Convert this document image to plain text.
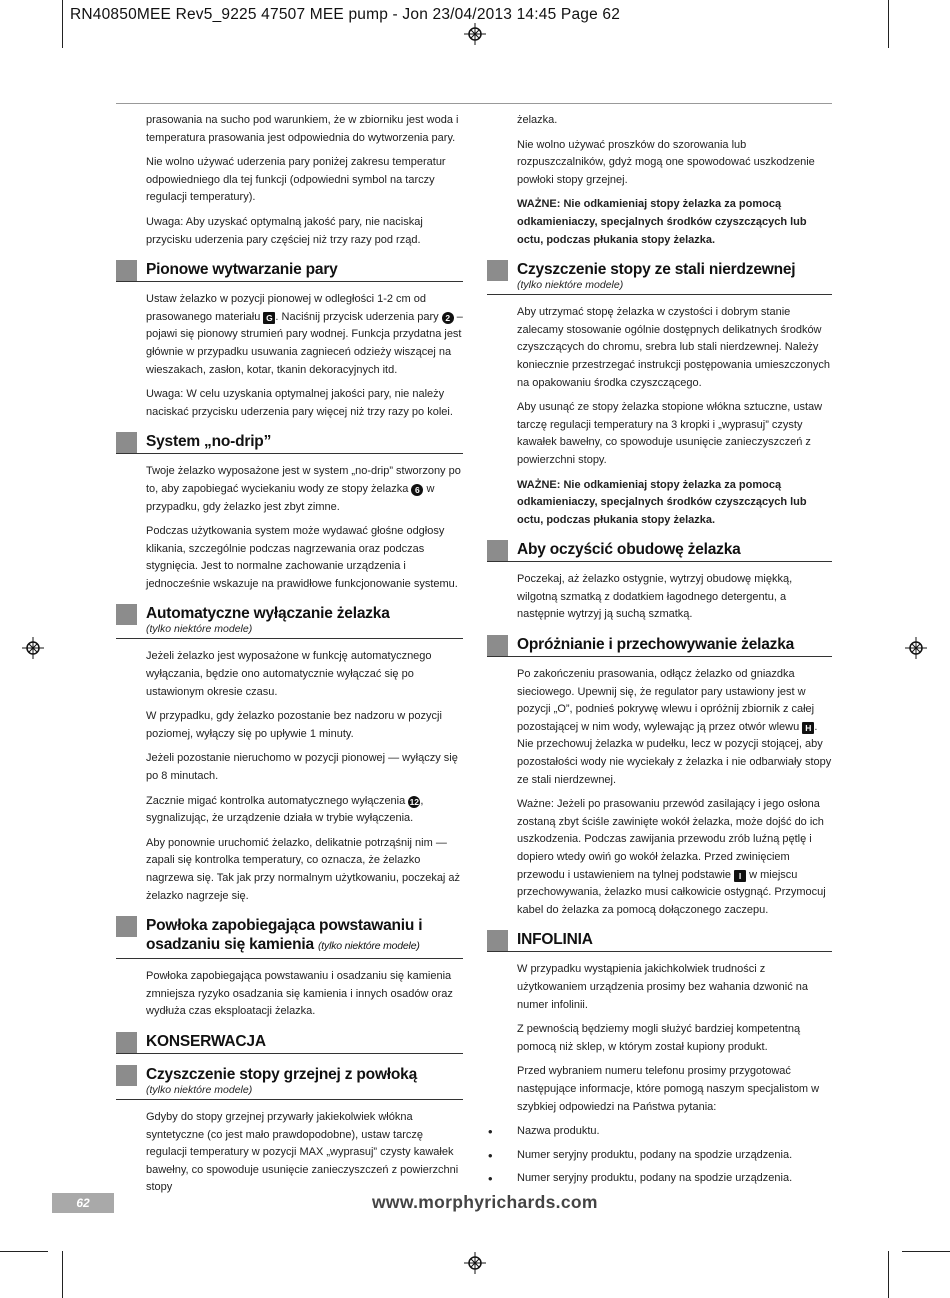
RN40850MEE Rev5_9225 47507 MEE pump - Jon 23/04/2013 14:45 Page 62

prasowania na sucho pod warunkiem, że w zbiorniku jest woda i temperatura prasowania jest odpowiednia do wytworzenia pary.

Nie wolno używać uderzenia pary poniżej zakresu temperatur odpowiedniego dla tej funkcji (odpowiedni symbol na tarczy regulacji temperatury).

Uwaga: Aby uzyskać optymalną jakość pary, nie naciskaj przycisku uderzenia pary częściej niż trzy razy pod rząd.

Pionowe wytwarzanie pary

Ustaw żelazko w pozycji pionowej w odległości 1-2 cm od prasowanego materiału G . Naciśnij przycisk uderzenia pary 2 – pojawi się pionowy strumień pary wodnej. Funkcja przydatna jest głównie w przypadku usuwania zagnieceń odzieży wiszącej na wieszakach, zasłon, kotar, tkanin dekoracyjnych itd.

Uwaga: W celu uzyskania optymalnej jakości pary, nie należy naciskać przycisku uderzenia pary więcej niż trzy razy po kolei.

System „no-drip”

Twoje żelazko wyposażone jest w system „no-drip” stworzony po to, aby zapobiegać wyciekaniu wody ze stopy żelazka 6 w przypadku, gdy żelazko jest zbyt zimne.

Podczas użytkowania system może wydawać głośne odgłosy klikania, szczególnie podczas nagrzewania oraz podczas stygnięcia. Jest to normalne zachowanie urządzenia i jednocześnie wskazuje na prawidłowe funkcjonowanie systemu.

Automatyczne wyłączanie żelazka
(tylko niektóre modele)

Jeżeli żelazko jest wyposażone w funkcję automatycznego wyłączania, będzie ono automatycznie wyłączać się po ustawionym okresie czasu.

W przypadku, gdy żelazko pozostanie bez nadzoru w pozycji poziomej, wyłączy się po upływie 1 minuty.

Jeżeli pozostanie nieruchomo w pozycji pionowej — wyłączy się po 8 minutach.

Zacznie migać kontrolka automatycznego wyłączenia 12, sygnalizując, że urządzenie działa w trybie wyłączenia.

Aby ponownie uruchomić żelazko, delikatnie potrząśnij nim — zapali się kontrolka temperatury, co oznacza, że żelazko nagrzewa się. Tak jak przy normalnym użytkowaniu, poczekaj aż żelazko nagrzeje się.

Powłoka zapobiegająca powstawaniu i
osadzaniu się kamienia (tylko niektóre modele)

Powłoka zapobiegająca powstawaniu i osadzaniu się kamienia zmniejsza ryzyko osadzania się kamienia i innych osadów oraz wydłuża czas eksploatacji żelazka.

KONSERWACJA
Czyszczenie stopy grzejnej z powłoką
(tylko niektóre modele)

Gdyby do stopy grzejnej przywarły jakiekolwiek włókna syntetyczne (co jest mało prawdopodobne), ustaw tarczę regulacji temperatury w pozycji MAX „wyprasuj” czysty kawałek bawełny, co spowoduje usunięcie zanieczyszczeń z powierzchni stopy

żelazka.

Nie wolno używać proszków do szorowania lub rozpuszczalników, gdyż mogą one spowodować uszkodzenie powłoki stopy grzejnej.

WAŻNE: Nie odkamieniaj stopy żelazka za pomocą odkamieniaczy, specjalnych środków czyszczących lub octu, podczas płukania stopy żelazka.

Czyszczenie stopy ze stali nierdzewnej
(tylko niektóre modele)

Aby utrzymać stopę żelazka w czystości i dobrym stanie zalecamy stosowanie ogólnie dostępnych delikatnych środków czyszczących do chromu, srebra lub stali nierdzewnej. Należy koniecznie przestrzegać instrukcji postępowania umieszczonych na opakowaniu środka czyszczącego.

Aby usunąć ze stopy żelazka stopione włókna sztuczne, ustaw tarczę regulacji temperatury na 3 kropki i „wyprasuj” czysty kawałek bawełny, co spowoduje usunięcie zanieczyszczeń z powierzchni stopy.

WAŻNE: Nie odkamieniaj stopy żelazka za pomocą odkamieniaczy, specjalnych środków czyszczących lub octu, podczas płukania stopy żelazka.

Aby oczyścić obudowę żelazka

Poczekaj, aż żelazko ostygnie, wytrzyj obudowę miękką, wilgotną szmatką z dodatkiem łagodnego detergentu, a następnie wytrzyj ją suchą szmatką.

Opróżnianie i przechowywanie żelazka

Po zakończeniu prasowania, odłącz żelazko od gniazdka sieciowego. Upewnij się, że regulator pary ustawiony jest w pozycji „O”, podnieś pokrywę wlewu i opróżnij zbiornik z całej pozostającej w nim wody, wylewając ją przez otwór wlewu H . Nie przechowuj żelazka w pudełku, lecz w pozycji stojącej, aby pozostałości wody nie wyciekały z żelazka i nie odbarwiały stopy ze stali nierdzewnej.

Ważne: Jeżeli po prasowaniu przewód zasilający i jego osłona zostaną zbyt ściśle zawinięte wokół żelazka, może dojść do ich uszkodzenia. Podczas zawijania przewodu zrób luźną pętlę i dopiero wtedy owiń go wokół żelazka. Przed zwinięciem przewodu i ustawieniem na tylnej podstawie I w miejscu przechowywania, żelazko musi całkowicie ostygnąć. Przymocuj kabel do żelazka za pomocą dołączonego zaczepu.

INFOLINIA

W przypadku wystąpienia jakichkolwiek trudności z użytkowaniem urządzenia prosimy bez wahania dzwonić na numer infolinii.

Z pewnością będziemy mogli służyć bardziej kompetentną pomocą niż sklep, w którym został kupiony produkt.

Przed wybraniem numeru telefonu prosimy przygotować następujące informacje, które pomogą naszym specjalistom w szybkiej odpowiedzi na Państwa pytania:

• Nazwa produktu.
• Numer seryjny produktu, podany na spodzie urządzenia.
• Numer seryjny produktu, podany na spodzie urządzenia.
62	www.morphyrichards.com
